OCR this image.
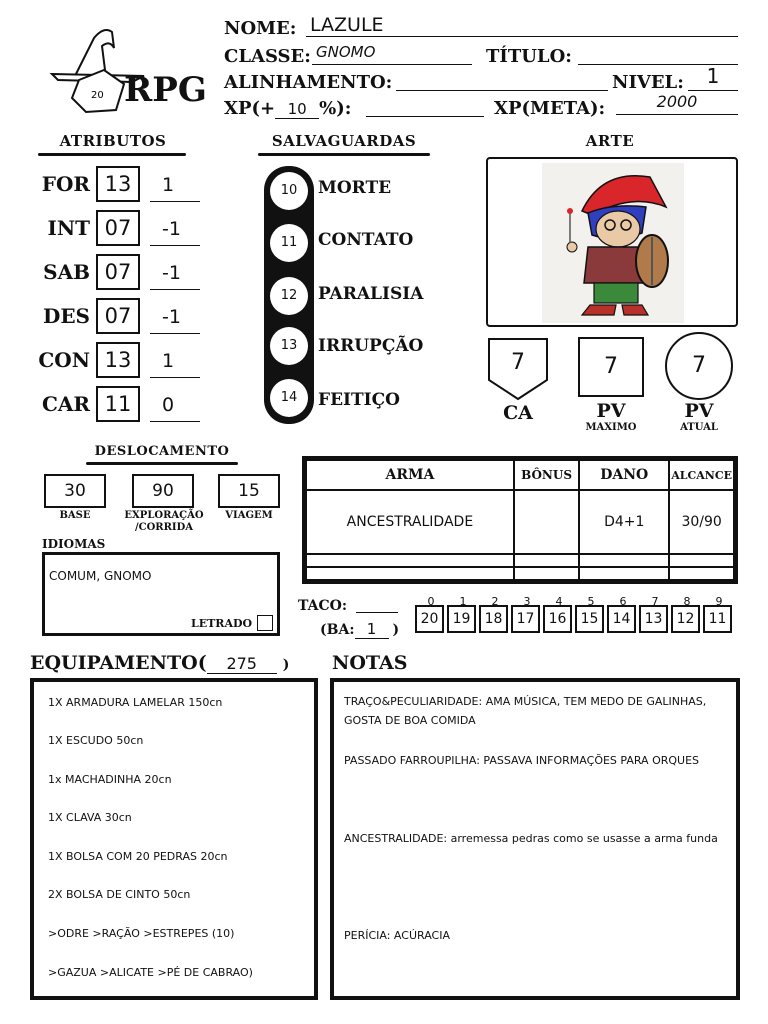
20 RPG
NOME: LAZULE
CLASSE: GNOMO	TÍTULO:
ALINHAMENTO:	NIVEL:	1
XP(+ 10 %):	XP(META):	2000
ATRIBUTOS	SALVAGUARDAS	ARTE
FOR 13	1
INT 07	-1
SAB 07	-1
DES 07	-1
CON 13	1
CAR 11	0
10	MORTE
11	CONTATO
12	PARALISIA
13	IRRUPÇÃO
14	FEITIÇO
7
CA
7
PV
MAXIMO
7
PV
ATUAL
DESLOCAMENTO
30
BASE
90
EXPLORAÇÃO
/CORRIDA
15
VIAGEM
IDIOMAS
COMUM, GNOMO
LETRADO
ARMA	BÔNUS	DANO	ALCANCE
ANCESTRALIDADE		D4+1	30/90

TACO:
(BA: 1 )
0 1 2 3 4 5 6 7 8 9
20 19 18 17 16 15 14 13 12 11
EQUIPAMENTO( 275 )
1X ARMADURA LAMELAR 150cn
1X ESCUDO 50cn
1x MACHADINHA 20cn
1X CLAVA 30cn
1X BOLSA COM 20 PEDRAS 20cn
2X BOLSA DE CINTO 50cn
>ODRE >RAÇÃO >ESTREPES (10)
>GAZUA >ALICATE >PÉ DE CABRAO)
NOTAS
TRAÇO&PECULIARIDADE: AMA MÚSICA, TEM MEDO DE GALINHAS, GOSTA DE BOA COMIDA
PASSADO FARROUPILHA: PASSAVA INFORMAÇÕES PARA ORQUES
ANCESTRALIDADE: arremessa pedras como se usasse a arma funda
PERÍCIA: ACÚRACIA
